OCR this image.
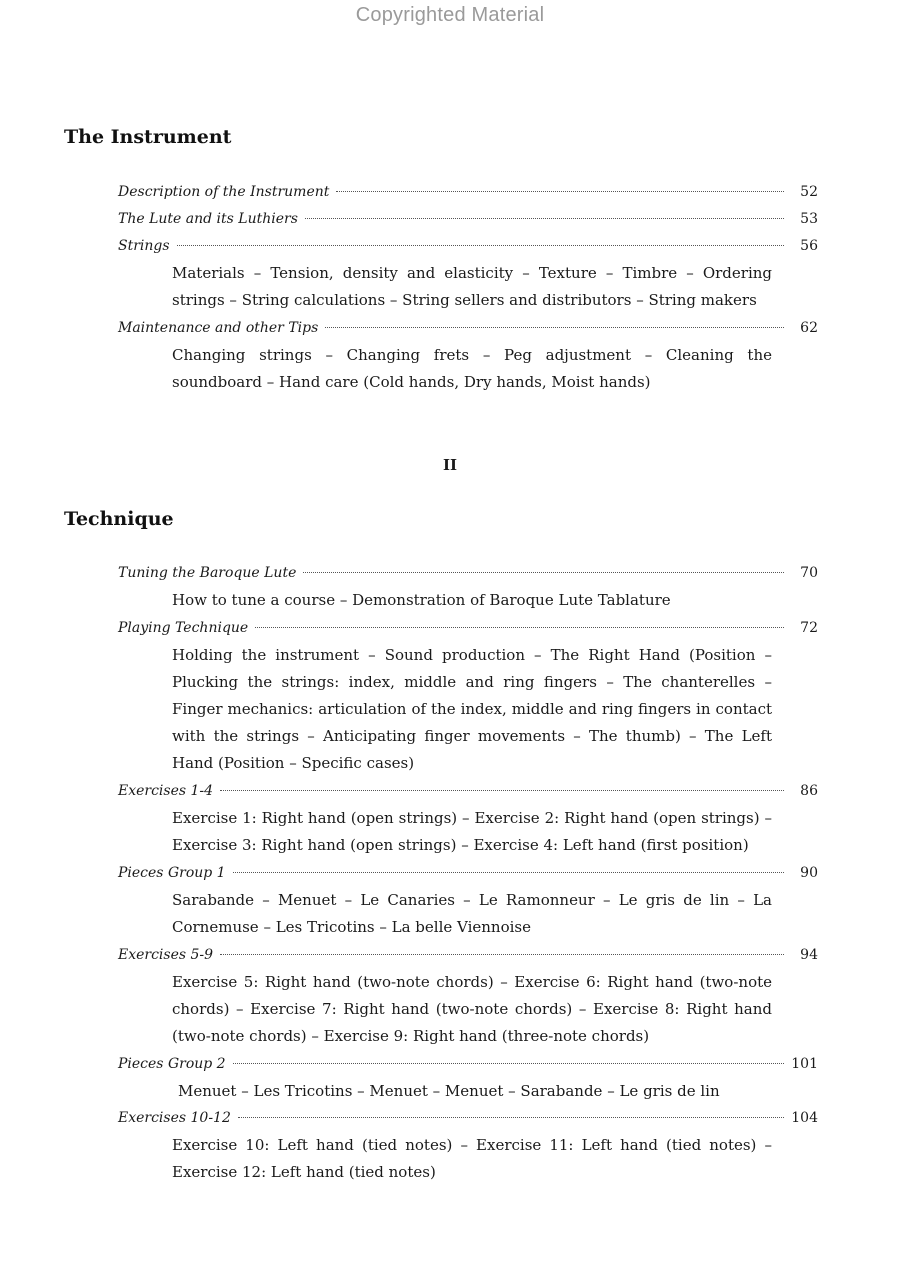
Copyrighted Material
The Instrument
Description of the Instrument	52
The Lute and its Luthiers	53
Strings	56
Materials – Tension, density and elasticity – Texture – Timbre – Ordering strings – String calculations – String sellers and distributors – String makers
Maintenance and other Tips	62
Changing strings – Changing frets – Peg adjustment – Cleaning the soundboard – Hand care (Cold hands, Dry hands, Moist hands)
II
Technique
Tuning the Baroque Lute	70
How to tune a course – Demonstration of Baroque Lute Tablature
Playing Technique	72
Holding the instrument – Sound production – The Right Hand (Position – Plucking the strings: index, middle and ring fingers – The chanterelles – Finger mechanics: articulation of the index, middle and ring fingers in contact with the strings – Anticipating finger movements – The thumb) – The Left Hand (Position – Specific cases)
Exercises 1-4	86
Exercise 1: Right hand (open strings) – Exercise 2: Right hand (open strings) – Exercise 3: Right hand (open strings) – Exercise 4: Left hand (first position)
Pieces Group 1	90
Sarabande – Menuet – Le Canaries – Le Ramonneur – Le gris de lin – La Cornemuse – Les Tricotins – La belle Viennoise
Exercises 5-9	94
Exercise 5: Right hand (two-note chords) – Exercise 6: Right hand (two-note chords) – Exercise 7: Right hand (two-note chords) – Exercise 8: Right hand (two-note chords) – Exercise 9: Right hand (three-note chords)
Pieces Group 2	101
Menuet – Les Tricotins – Menuet – Menuet – Sarabande – Le gris de lin
Exercises 10-12	104
Exercise 10: Left hand (tied notes) – Exercise 11: Left hand (tied notes) – Exercise 12: Left hand (tied notes)
